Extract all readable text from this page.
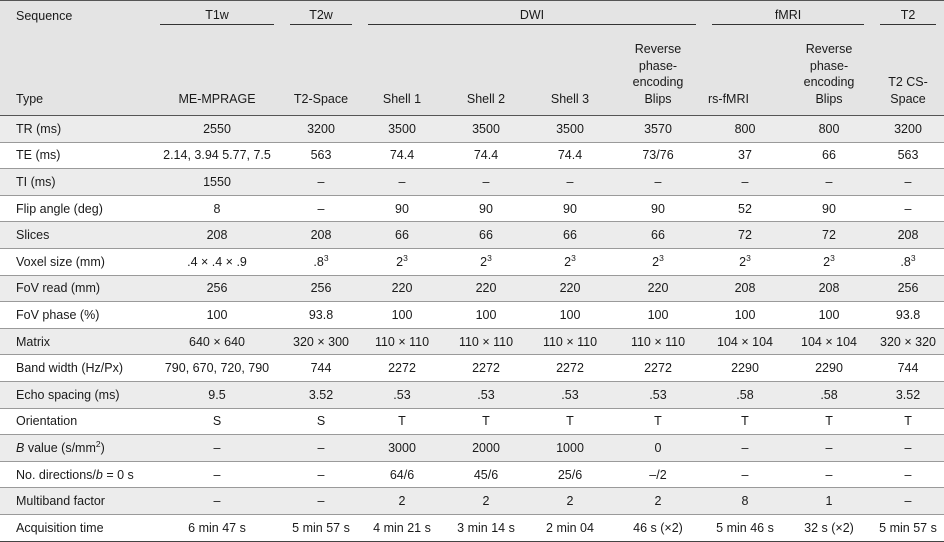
Sequence	T1w	T2w	DWI				fMRI		T2

Type	ME-MPRAGE	T2-Space	Shell 1	Shell 2	Shell 3	Reverse phase-encoding Blips	rs-fMRI	Reverse phase-encoding Blips	T2 CS-Space
TR (ms)	2550	3200	3500	3500	3500	3570	800	800	3200
TE (ms)	2.14, 3.94 5.77, 7.5	563	74.4	74.4	74.4	73/76	37	66	563
TI (ms)	1550	–	–	–	–	–	–	–	–
Flip angle (deg)	8	–	90	90	90	90	52	90	–
Slices	208	208	66	66	66	66	72	72	208
Voxel size (mm)	.4 × .4 × .9	$.8^3$	$2^3$	$2^3$	$2^3$	$2^3$	$2^3$	$2^3$	$.8^3$
FoV read (mm)	256	256	220	220	220	220	208	208	256
FoV phase (%)	100	93.8	100	100	100	100	100	100	93.8
Matrix	640 × 640	320 × 300	110 × 110	110 × 110	110 × 110	110 × 110	104 × 104	104 × 104	320 × 320
Band width (Hz/Px)	790, 670, 720, 790	744	2272	2272	2272	2272	2290	2290	744
Echo spacing (ms)	9.5	3.52	.53	.53	.53	.53	.58	.58	3.52
Orientation	S	S	T	T	T	T	T	T	T
B value $(s/mm^2)$	–	–	3000	2000	1000	0	–	–	–
No. directions/b = 0 s	–	–	64/6	45/6	25/6	–/2	–	–	–
Multiband factor	–	–	2	2	2	2	8	1	–
Acquisition time	6 min 47 s	5 min 57 s	4 min 21 s	3 min 14 s	2 min 04	46 s (×2)	5 min 46 s	32 s (×2)	5 min 57 s
